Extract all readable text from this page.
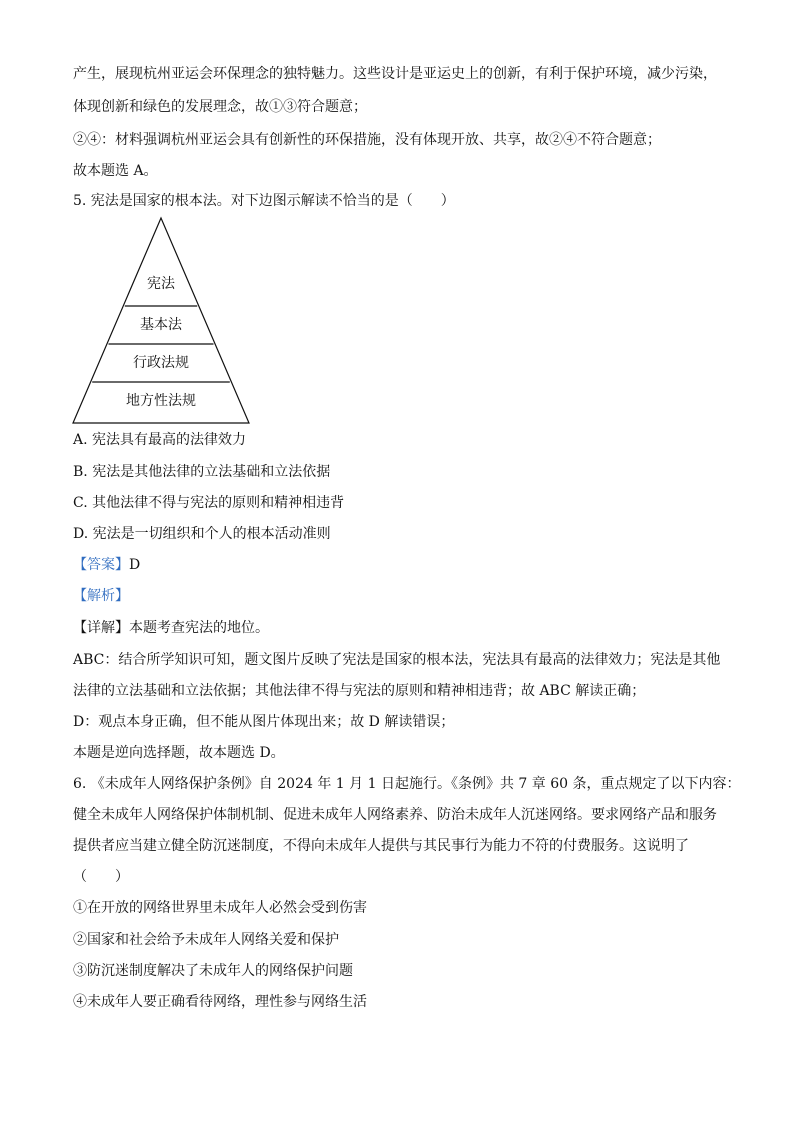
产生，展现杭州亚运会环保理念的独特魅力。这些设计是亚运史上的创新，有利于保护环境，减少污染，
体现创新和绿色的发展理念，故①③符合题意；
②④：材料强调杭州亚运会具有创新性的环保措施，没有体现开放、共享，故②④不符合题意；
故本题选 A。
5. 宪法是国家的根本法。对下边图示解读不恰当的是（　　）
宪法
基本法
行政法规
地方性法规
A. 宪法具有最高的法律效力
B. 宪法是其他法律的立法基础和立法依据
C. 其他法律不得与宪法的原则和精神相违背
D. 宪法是一切组织和个人的根本活动准则
【答案】D
【解析】
【详解】本题考查宪法的地位。
ABC：结合所学知识可知，题文图片反映了宪法是国家的根本法，宪法具有最高的法律效力；宪法是其他
法律的立法基础和立法依据；其他法律不得与宪法的原则和精神相违背；故 ABC 解读正确；
D：观点本身正确，但不能从图片体现出来；故 D 解读错误；
本题是逆向选择题，故本题选 D。
6. 《未成年人网络保护条例》自 2024 年 1 月 1 日起施行。《条例》共 7 章 60 条，重点规定了以下内容：
健全未成年人网络保护体制机制、促进未成年人网络素养、防治未成年人沉迷网络。要求网络产品和服务
提供者应当建立健全防沉迷制度，不得向未成年人提供与其民事行为能力不符的付费服务。这说明了
（　　）
①在开放的网络世界里未成年人必然会受到伤害
②国家和社会给予未成年人网络关爱和保护
③防沉迷制度解决了未成年人的网络保护问题
④未成年人要正确看待网络，理性参与网络生活
